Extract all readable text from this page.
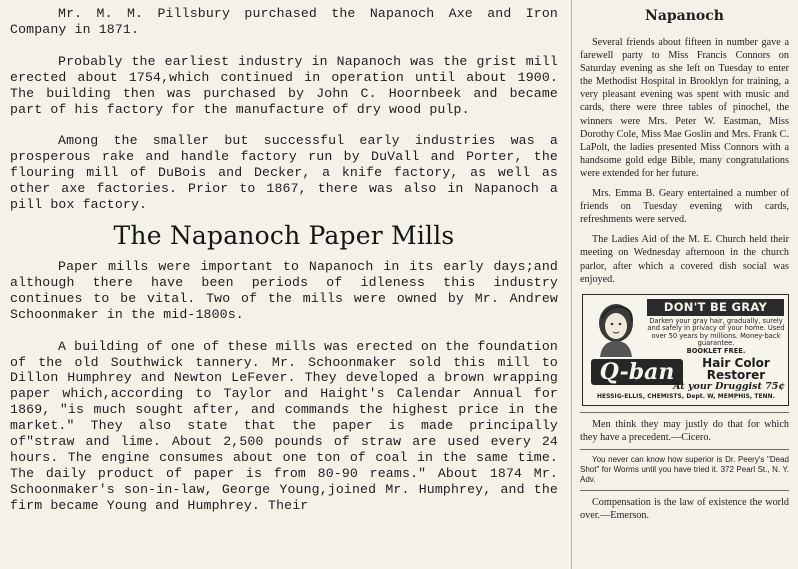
Mr. M. M. Pillsbury purchased the Napanoch Axe and Iron Company in 1871.

Probably the earliest industry in Napanoch was the grist mill erected about 1754,which continued in operation until about 1900. The building then was purchased by John C. Hoornbeek and became part of his factory for the manufacture of dry wood pulp.

Among the smaller but successful early industries was a prosperous rake and handle factory run by DuVall and Porter, the flouring mill of DuBois and Decker, a knife factory, as well as other axe factories. Prior to 1867, there was also in Napanoch a pill box factory.

The Napanoch Paper Mills

Paper mills were important to Napanoch in its early days;and although there have been periods of idleness this industry continues to be vital. Two of the mills were owned by Mr. Andrew Schoonmaker in the mid-1800s.

A building of one of these mills was erected on the foundation of the old Southwick tannery. Mr. Schoonmaker sold this mill to Dillon Humphrey and Newton LeFever. They developed a brown wrapping paper which,according to Taylor and Haight's Calendar Annual for 1869, "is much sought after, and commands the highest price in the market." They also state that the paper is made principally of"straw and lime. About 2,500 pounds of straw are used every 24 hours. The engine consumes about one ton of coal in the same time. The daily product of paper is from 80-90 reams." About 1874 Mr. Schoonmaker's son-in-law, George Young,joined Mr. Humphrey, and the firm became Young and Humphrey. Their

Napanoch

Several friends about fifteen in number gave a farewell party to Miss Francis Connors on Saturday evening as she left on Tuesday to enter the Methodist Hospital in Brooklyn for training, a very pleasant evening was spent with music and cards, there were three tables of pinochel, the winners were Mrs. Peter W. Eastman, Miss Dorothy Cole, Miss Mae Goslin and Mrs. Frank C. LaPolt, the ladies presented Miss Connors with a handsome gold edge Bible, many congratulations were extended for her future.

Mrs. Emma B. Geary entertained a number of friends on Tuesday evening with cards, refreshments were served.

The Ladies Aid of the M. E. Church held their meeting on Wednesday afternoon in the church parlor, after which a covered dish social was enjoyed.

DON'T BE GRAY
Darken your gray hair, gradually, surely and safely in privacy of your home. Used over 50 years by millions. Money-back guarantee.
BOOKLET FREE.
Q-ban	Hair Color Restorer
At your Druggist 75¢
HESSIG-ELLIS, CHEMISTS, Dept. W, MEMPHIS, TENN.

Men think they may justly do that for which they have a precedent.—Cicero.

You never can know how superior is Dr. Peery's "Dead Shot" for Worms until you have tried it. 372 Pearl St., N. Y. Adv.

Compensation is the law of existence the world over.—Emerson.
